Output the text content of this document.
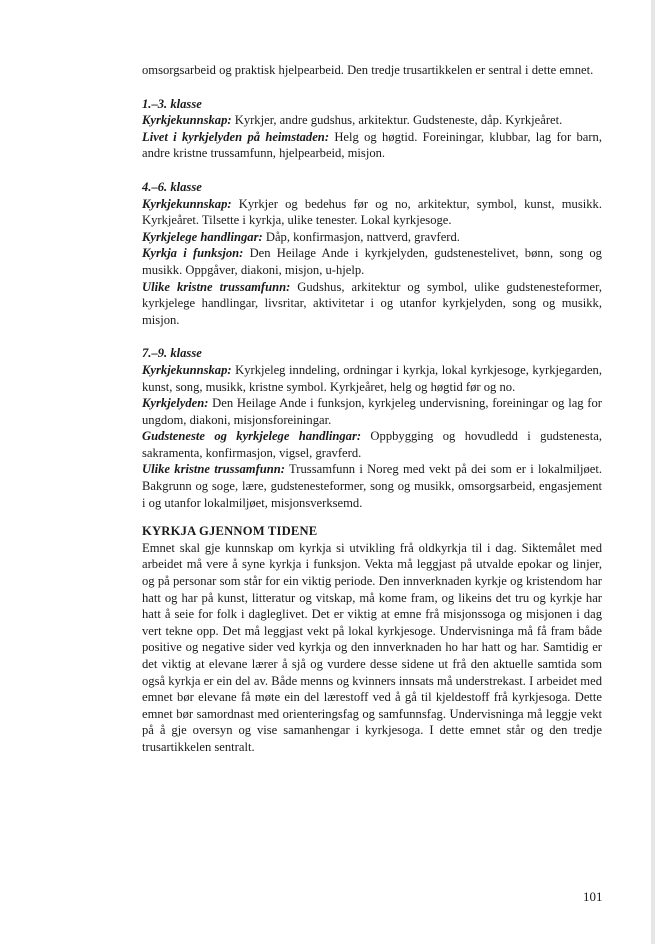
omsorgsarbeid og praktisk hjelpearbeid. Den tredje trusartikkelen er sentral i dette emnet.

1.–3. klasse

Kyrkjekunnskap: Kyrkjer, andre gudshus, arkitektur. Gudsteneste, dåp. Kyrkjeåret.

Livet i kyrkjelyden på heimstaden: Helg og høgtid. Foreiningar, klubbar, lag for barn, andre kristne trussamfunn, hjelpearbeid, misjon.

4.–6. klasse

Kyrkjekunnskap: Kyrkjer og bedehus før og no, arkitektur, symbol, kunst, musikk. Kyrkjeåret. Tilsette i kyrkja, ulike tenester. Lokal kyrkjesoge.

Kyrkjelege handlingar: Dåp, konfirmasjon, nattverd, gravferd.

Kyrkja i funksjon: Den Heilage Ande i kyrkjelyden, gudstenestelivet, bønn, song og musikk. Oppgåver, diakoni, misjon, u-hjelp.

Ulike kristne trussamfunn: Gudshus, arkitektur og symbol, ulike gudstenesteformer, kyrkjelege handlingar, livsritar, aktivitetar i og utanfor kyrkjelyden, song og musikk, misjon.

7.–9. klasse

Kyrkjekunnskap: Kyrkjeleg inndeling, ordningar i kyrkja, lokal kyrkjesoge, kyrkjegarden, kunst, song, musikk, kristne symbol. Kyrkjeåret, helg og høgtid før og no.

Kyrkjelyden: Den Heilage Ande i funksjon, kyrkjeleg undervisning, foreiningar og lag for ungdom, diakoni, misjonsforeiningar.

Gudsteneste og kyrkjelege handlingar: Oppbygging og hovudledd i gudstenesta, sakramenta, konfirmasjon, vigsel, gravferd.

Ulike kristne trussamfunn: Trussamfunn i Noreg med vekt på dei som er i lokalmiljøet. Bakgrunn og soge, lære, gudstenesteformer, song og musikk, omsorgsarbeid, engasjement i og utanfor lokalmiljøet, misjonsverksemd.

KYRKJA GJENNOM TIDENE

Emnet skal gje kunnskap om kyrkja si utvikling frå oldkyrkja til i dag. Siktemålet med arbeidet må vere å syne kyrkja i funksjon. Vekta må leggjast på utvalde epokar og linjer, og på personar som står for ein viktig periode. Den innverknaden kyrkje og kristendom har hatt og har på kunst, litteratur og vitskap, må kome fram, og likeins det tru og kyrkje har hatt å seie for folk i dagleglivet. Det er viktig at emne frå misjonssoga og misjonen i dag vert tekne opp. Det må leggjast vekt på lokal kyrkjesoge. Undervisninga må få fram både positive og negative sider ved kyrkja og den innverknaden ho har hatt og har. Samtidig er det viktig at elevane lærer å sjå og vurdere desse sidene ut frå den aktuelle samtida som også kyrkja er ein del av. Både menns og kvinners innsats må understrekast. I arbeidet med emnet bør elevane få møte ein del lærestoff ved å gå til kjeldestoff frå kyrkjesoga. Dette emnet bør samordnast med orienteringsfag og samfunnsfag. Undervisninga må leggje vekt på å gje oversyn og vise samanhengar i kyrkjesoga. I dette emnet står og den tredje trusartikkelen sentralt.

101
